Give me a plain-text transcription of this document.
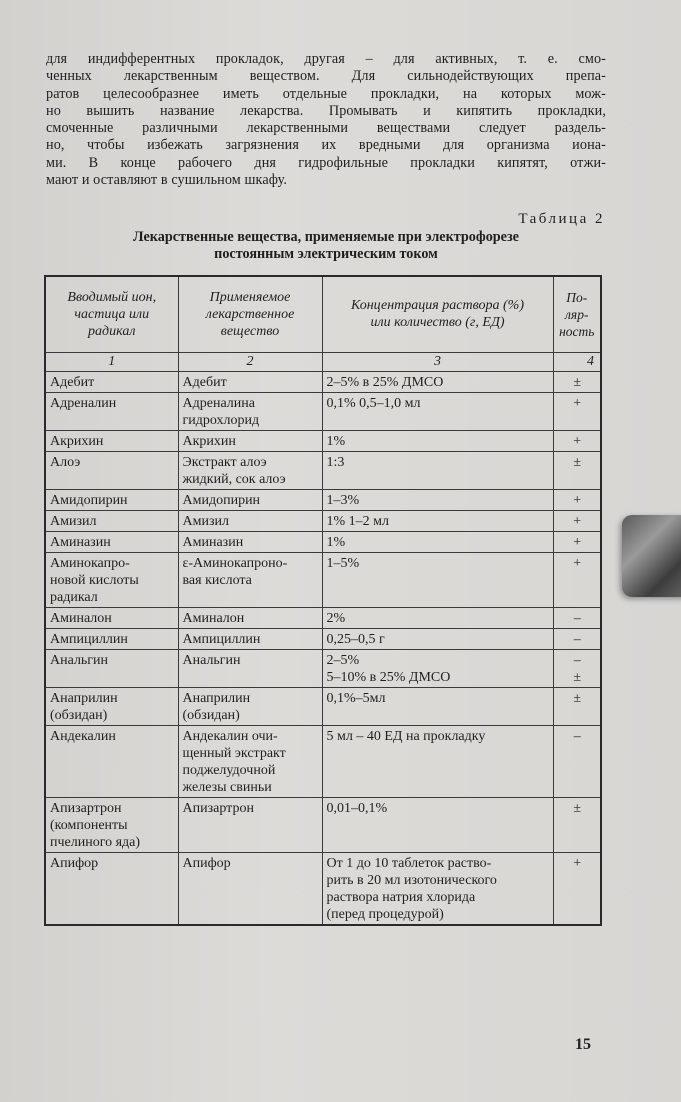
для индифферентных прокладок, другая – для активных, т. е. смо-
ченных лекарственным веществом. Для сильнодействующих препа-
ратов целесообразнее иметь отдельные прокладки, на которых мож-
но вышить название лекарства. Промывать и кипятить прокладки,
смоченные различными лекарственными веществами следует раздель-
но, чтобы избежать загрязнения их вредными для организма иона-
ми. В конце рабочего дня гидрофильные прокладки кипятят, отжи-
мают и оставляют в сушильном шкафу.
Таблица 2
Лекарственные вещества, применяемые при электрофорезе
постоянным электрическим током
Вводимый ион,
частица или
радикал	Применяемое
лекарственное
вещество	Концентрация раствора (%)
или количество (г, ЕД)	По-
ляр-
ность

1	2	3	4

Адебит	Адебит	2–5% в 25% ДМСО	±

Адреналин	Адреналина
гидрохлорид	0,1% 0,5–1,0 мл	+

Акрихин	Акрихин	1%	+

Алоэ	Экстракт алоэ
жидкий, сок алоэ	1:3	±

Амидопирин	Амидопирин	1–3%	+

Амизил	Амизил	1% 1–2 мл	+

Аминазин	Аминазин	1%	+

Аминокапро-
новой кислоты
радикал	ε-Аминокапроно-
вая кислота	1–5%	+

Аминалон	Аминалон	2%	–

Ампициллин	Ампициллин	0,25–0,5 г	–

Анальгин	Анальгин	2–5%
5–10% в 25% ДМСО	–
±

Анаприлин
(обзидан)	Анаприлин
(обзидан)	0,1%–5мл	±

Андекалин	Андекалин очи-
щенный экстракт
поджелудочной
железы свиньи	5 мл – 40 ЕД на прокладку	–

Апизартрон
(компоненты
пчелиного яда)	Апизартрон	0,01–0,1%	±

Апифор	Апифор	От 1 до 10 таблеток раство-
рить в 20 мл изотонического
раствора натрия хлорида
(перед процедурой)	+
15
